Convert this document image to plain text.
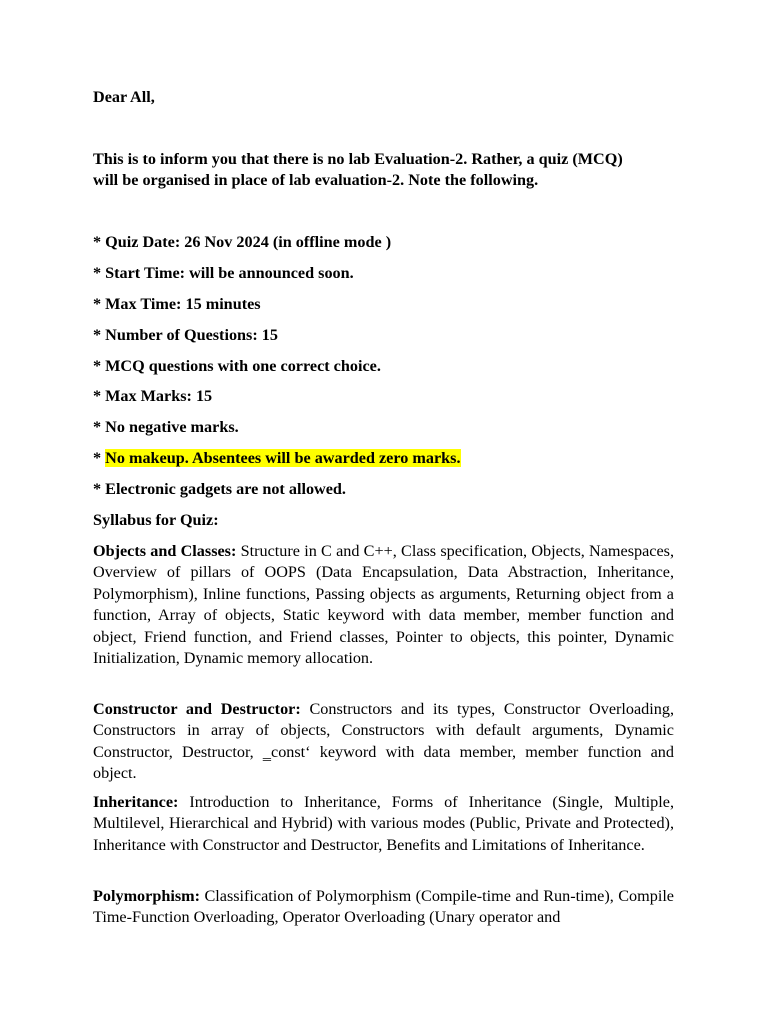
Dear All,
This is to inform you that there is no lab Evaluation-2. Rather, a quiz (MCQ)
will be organised in place of lab evaluation-2. Note the following.
* Quiz Date: 26 Nov 2024 (in offline mode )
* Start Time: will be announced soon.
* Max Time: 15 minutes
* Number of Questions: 15
* MCQ questions with one correct choice.
* Max Marks: 15
* No negative marks.
* No makeup. Absentees will be awarded zero marks.
* Electronic gadgets are not allowed.
Syllabus for Quiz:

Objects and Classes: Structure in C and C++, Class specification, Objects, Namespaces, Overview of pillars of OOPS (Data Encapsulation, Data Abstraction, Inheritance, Polymorphism), Inline functions, Passing objects as arguments, Returning object from a function, Array of objects, Static keyword with data member, member function and object, Friend function, and Friend classes, Pointer to objects, this pointer, Dynamic Initialization, Dynamic memory allocation.

Constructor and Destructor: Constructors and its types, Constructor Overloading, Constructors in array of objects, Constructors with default arguments, Dynamic Constructor, Destructor, ‗const‘ keyword with data member, member function and object.

Inheritance: Introduction to Inheritance, Forms of Inheritance (Single, Multiple, Multilevel, Hierarchical and Hybrid) with various modes (Public, Private and Protected), Inheritance with Constructor and Destructor, Benefits and Limitations of Inheritance.

Polymorphism: Classification of Polymorphism (Compile-time and Run-time), Compile Time-Function Overloading, Operator Overloading (Unary operator and
